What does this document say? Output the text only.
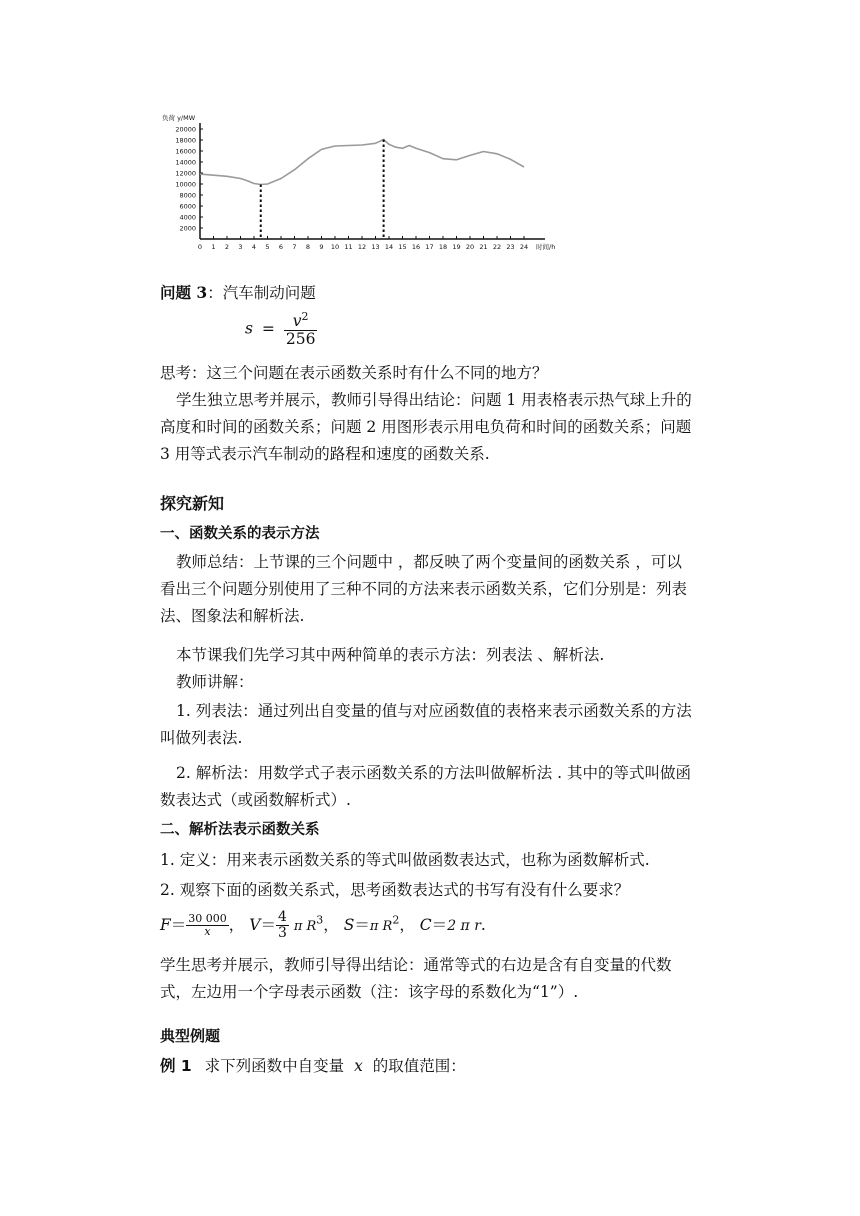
2000
4000
6000
8000
10000
12000
14000
16000
18000
20000
负荷 y/MW
0 1 2 3 4 5 6 7 8 9 10 11 12 13 14 15 16 17 18 19 20 21 22 23 24 时间/h

问题 3：汽车制动问题

$s = \frac{v^2}{256}$

思考：这三个问题在表示函数关系时有什么不同的地方？

学生独立思考并展示，教师引导得出结论：问题 1 用表格表示热气球上升的高度和时间的函数关系；问题 2 用图形表示用电负荷和时间的函数关系；问题 3 用等式表示汽车制动的路程和速度的函数关系.

探究新知

一、函数关系的表示方法

教师总结：上节课的三个问题中 ，都反映了两个变量间的函数关系 ，可以看出三个问题分别使用了三种不同的方法来表示函数关系，它们分别是：列表法、图象法和解析法.

本节课我们先学习其中两种简单的表示方法：列表法 、解析法.

教师讲解：

1. 列表法：通过列出自变量的值与对应函数值的表格来表示函数关系的方法叫做列表法.

2. 解析法：用数学式子表示函数关系的方法叫做解析法 . 其中的等式叫做函数表达式（或函数解析式）.

二、解析法表示函数关系

1. 定义：用来表示函数关系的等式叫做函数表达式，也称为函数解析式.

2. 观察下面的函数关系式，思考函数表达式的书写有没有什么要求？

$F= \frac{30 000}{x}$ ， $V= \frac{4}{3}$ π $R^3$， S＝π $R^2$， C＝2 π r.

学生思考并展示，教师引导得出结论：通常等式的右边是含有自变量的代数式，左边用一个字母表示函数（注：该字母的系数化为“1”）.

典型例题

例 1 求下列函数中自变量 x 的取值范围：
